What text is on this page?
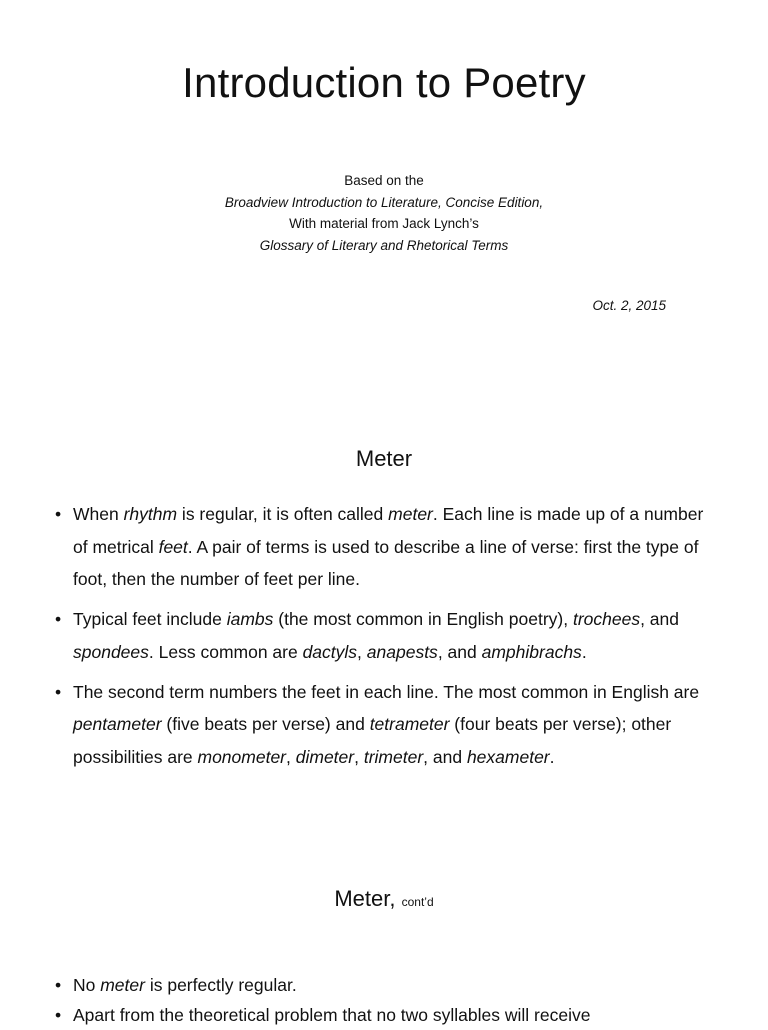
Introduction to Poetry
Based on the
Broadview Introduction to Literature, Concise Edition,
With material from Jack Lynch’s
Glossary of Literary and Rhetorical Terms
Oct. 2, 2015
Meter
• When rhythm is regular, it is often called meter. Each line is made up of a number of metrical feet. A pair of terms is used to describe a line of verse: first the type of foot, then the number of feet per line.
• Typical feet include iambs (the most common in English poetry), trochees, and spondees. Less common are dactyls, anapests, and amphibrachs.
• The second term numbers the feet in each line. The most common in English are pentameter (five beats per verse) and tetrameter (four beats per verse); other possibilities are monometer, dimeter, trimeter, and hexameter.
Meter, cont’d
• No meter is perfectly regular.
• Apart from the theoretical problem that no two syllables will receive
